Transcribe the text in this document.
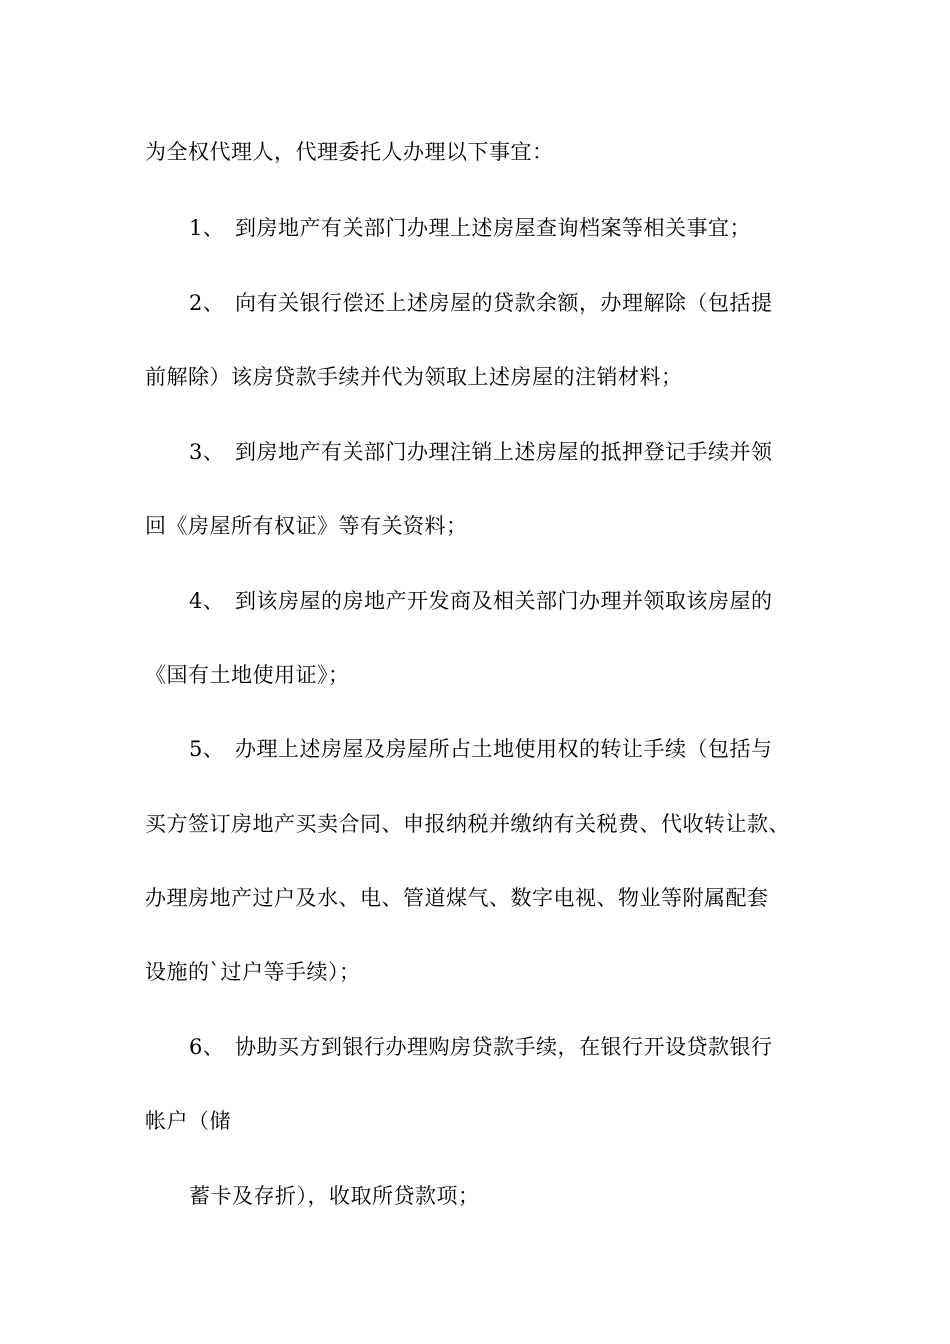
为全权代理人，代理委托人办理以下事宜：
1、 到房地产有关部门办理上述房屋查询档案等相关事宜；
2、 向有关银行偿还上述房屋的贷款余额，办理解除（包括提
前解除）该房贷款手续并代为领取上述房屋的注销材料；
3、 到房地产有关部门办理注销上述房屋的抵押登记手续并领
回《房屋所有权证》等有关资料；
4、 到该房屋的房地产开发商及相关部门办理并领取该房屋的
《国有土地使用证》；
5、 办理上述房屋及房屋所占土地使用权的转让手续（包括与
买方签订房地产买卖合同、申报纳税并缴纳有关税费、代收转让款、
办理房地产过户及水、电、管道煤气、数字电视、物业等附属配套
设施的`过户等手续）；
6、 协助买方到银行办理购房贷款手续，在银行开设贷款银行
帐户（储
蓄卡及存折），收取所贷款项；
